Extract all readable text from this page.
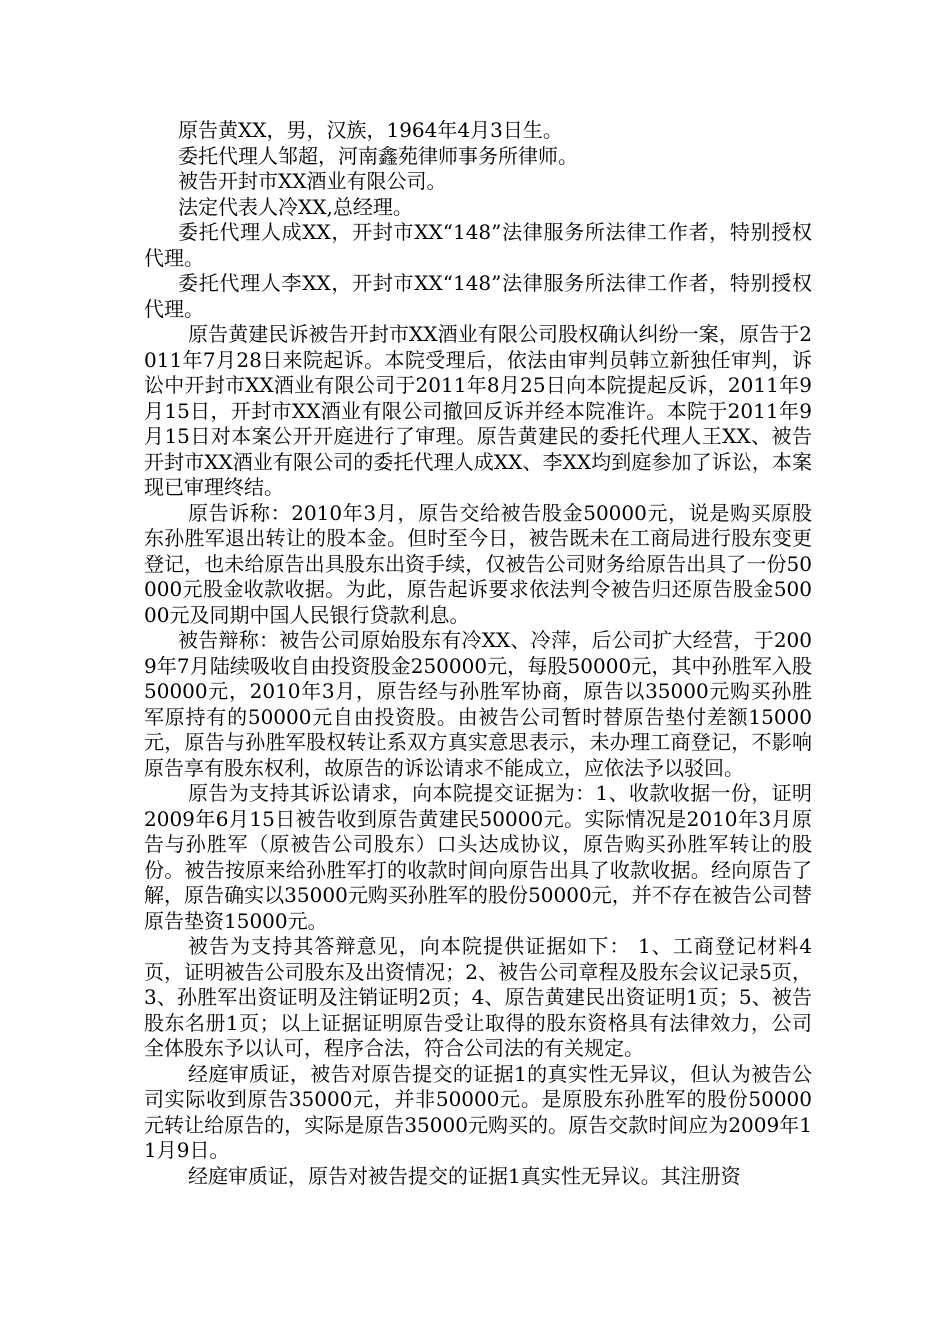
原告黄XX，男，汉族，1964年4月3日生。

委托代理人邹超，河南鑫苑律师事务所律师。

被告开封市XX酒业有限公司。

法定代表人冷XX,总经理。

委托代理人成XX，开封市XX“148”法律服务所法律工作者，特别授权代理。

委托代理人李XX，开封市XX“148”法律服务所法律工作者，特别授权代理。

原告黄建民诉被告开封市XX酒业有限公司股权确认纠纷一案，原告于2011年7月28日来院起诉。本院受理后，依法由审判员韩立新独任审判，诉讼中开封市XX酒业有限公司于2011年8月25日向本院提起反诉，2011年9月15日，开封市XX酒业有限公司撤回反诉并经本院准许。本院于2011年9月15日对本案公开开庭进行了审理。原告黄建民的委托代理人王XX、被告开封市XX酒业有限公司的委托代理人成XX、李XX均到庭参加了诉讼，本案现已审理终结。

原告诉称：2010年3月，原告交给被告股金50000元，说是购买原股东孙胜军退出转让的股本金。但时至今日，被告既未在工商局进行股东变更登记，也未给原告出具股东出资手续，仅被告公司财务给原告出具了一份50000元股金收款收据。为此，原告起诉要求依法判令被告归还原告股金50000元及同期中国人民银行贷款利息。

被告辩称：被告公司原始股东有冷XX、冷萍，后公司扩大经营，于2009年7月陆续吸收自由投资股金250000元，每股50000元，其中孙胜军入股50000元，2010年3月，原告经与孙胜军协商，原告以35000元购买孙胜军原持有的50000元自由投资股。由被告公司暂时替原告垫付差额15000元，原告与孙胜军股权转让系双方真实意思表示，未办理工商登记，不影响原告享有股东权利，故原告的诉讼请求不能成立，应依法予以驳回。

原告为支持其诉讼请求，向本院提交证据为：1、收款收据一份，证明2009年6月15日被告收到原告黄建民50000元。实际情况是2010年3月原告与孙胜军（原被告公司股东）口头达成协议，原告购买孙胜军转让的股份。被告按原来给孙胜军打的收款时间向原告出具了收款收据。经向原告了解，原告确实以35000元购买孙胜军的股份50000元，并不存在被告公司替原告垫资15000元。

被告为支持其答辩意见，向本院提供证据如下： 1、工商登记材料4页，证明被告公司股东及出资情况；2、被告公司章程及股东会议记录5页，3、孙胜军出资证明及注销证明2页；4、原告黄建民出资证明1页；5、被告股东名册1页；以上证据证明原告受让取得的股东资格具有法律效力，公司全体股东予以认可，程序合法，符合公司法的有关规定。

经庭审质证，被告对原告提交的证据1的真实性无异议，但认为被告公司实际收到原告35000元，并非50000元。是原股东孙胜军的股份50000元转让给原告的，实际是原告35000元购买的。原告交款时间应为2009年11月9日。

经庭审质证，原告对被告提交的证据1真实性无异议。其注册资
